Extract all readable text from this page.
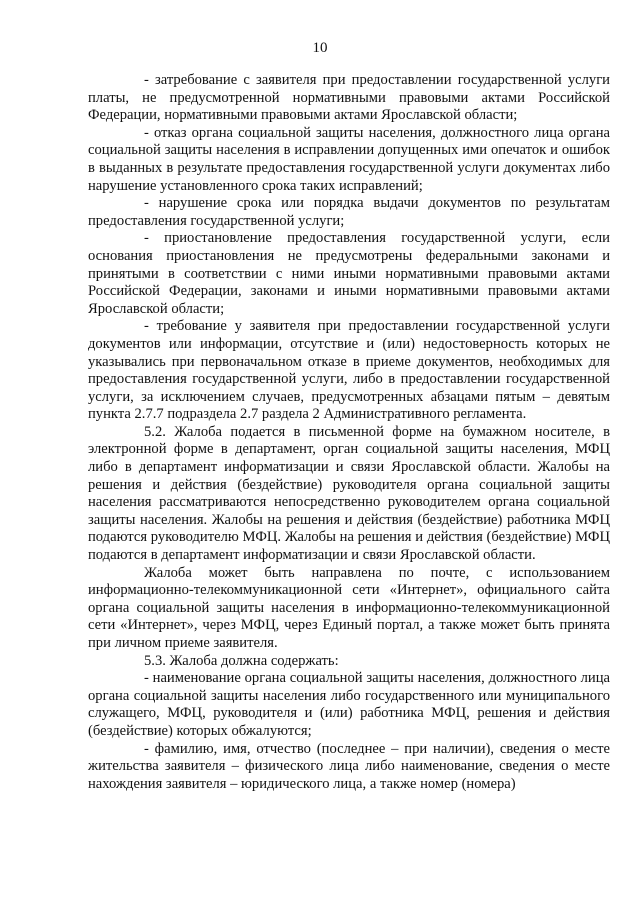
10

- затребование с заявителя при предоставлении государственной услуги платы, не предусмотренной нормативными правовыми актами Российской Федерации, нормативными правовыми актами Ярославской области;

- отказ органа социальной защиты населения, должностного лица органа социальной защиты населения в исправлении допущенных ими опечаток и ошибок в выданных в результате предоставления государственной услуги документах либо нарушение установленного срока таких исправлений;

- нарушение срока или порядка выдачи документов по результатам предоставления государственной услуги;

- приостановление предоставления государственной услуги, если основания приостановления не предусмотрены федеральными законами и принятыми в соответствии с ними иными нормативными правовыми актами Российской Федерации, законами и иными нормативными правовыми актами Ярославской области;

- требование у заявителя при предоставлении государственной услуги документов или информации, отсутствие и (или) недостоверность которых не указывались при первоначальном отказе в приеме документов, необходимых для предоставления государственной услуги, либо в предоставлении государственной услуги, за исключением случаев, предусмотренных абзацами пятым – девятым пункта 2.7.7 подраздела 2.7 раздела 2 Административного регламента.

5.2. Жалоба подается в письменной форме на бумажном носителе, в электронной форме в департамент, орган социальной защиты населения, МФЦ либо в департамент информатизации и связи Ярославской области. Жалобы на решения и действия (бездействие) руководителя органа социальной защиты населения рассматриваются непосредственно руководителем органа социальной защиты населения. Жалобы на решения и действия (бездействие) работника МФЦ подаются руководителю МФЦ. Жалобы на решения и действия (бездействие) МФЦ подаются в департамент информатизации и связи Ярославской области.

Жалоба может быть направлена по почте, с использованием информационно-телекоммуникационной сети «Интернет», официального сайта органа социальной защиты населения в информационно-телекоммуникационной сети «Интернет», через МФЦ, через Единый портал, а также может быть принята при личном приеме заявителя.

5.3. Жалоба должна содержать:

- наименование органа социальной защиты населения, должностного лица органа социальной защиты населения либо государственного или муниципального служащего, МФЦ, руководителя и (или) работника МФЦ, решения и действия (бездействие) которых обжалуются;

- фамилию, имя, отчество (последнее – при наличии), сведения о месте жительства заявителя – физического лица либо наименование, сведения о месте нахождения заявителя – юридического лица, а также номер (номера)
